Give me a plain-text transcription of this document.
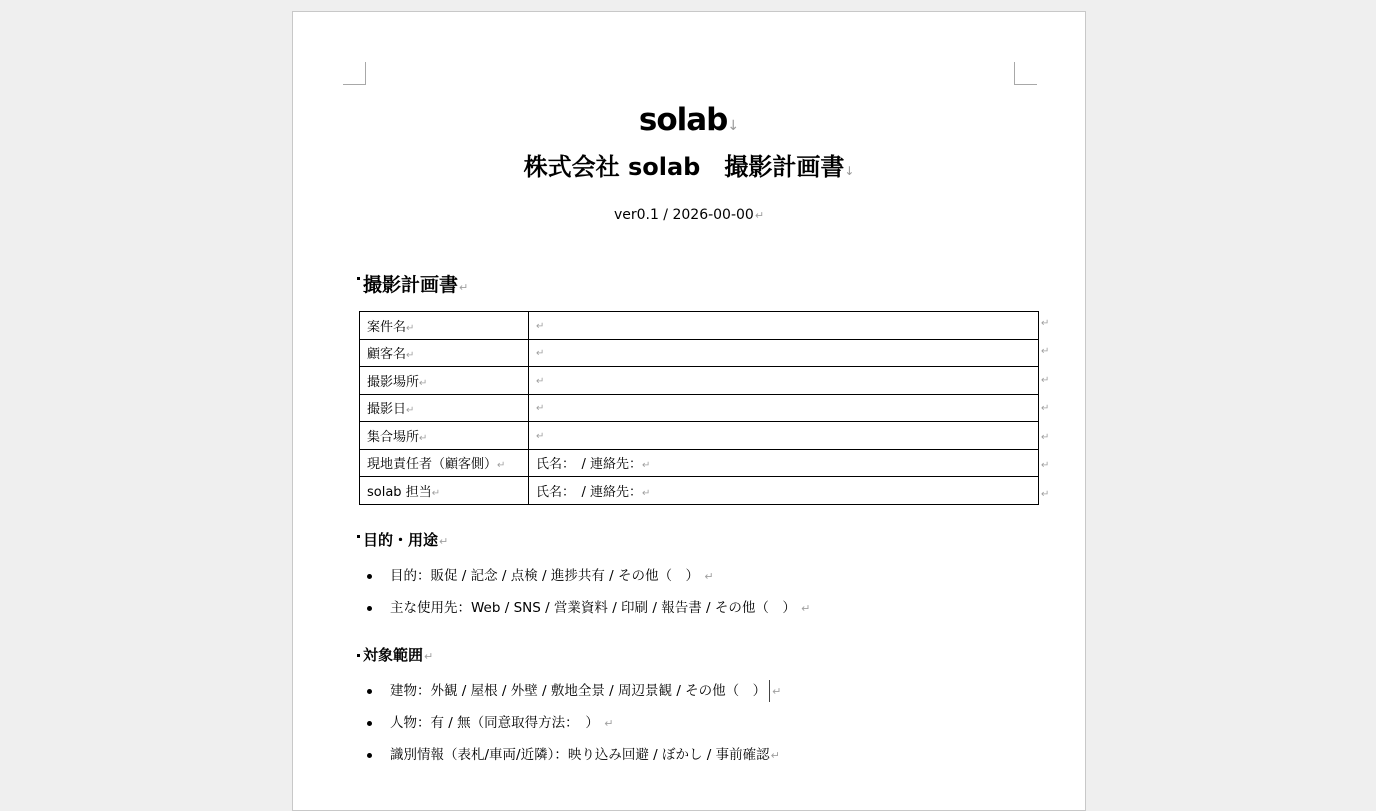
solab↓
株式会社 solab　撮影計画書↓
ver0.1 / 2026-00-00↵
撮影計画書↵
案件名↵	↵
顧客名↵	↵
撮影場所↵	↵
撮影日↵	↵
集合場所↵	↵
現地責任者（顧客側）↵	氏名：　/ 連絡先：↵
solab 担当↵	氏名：　/ 連絡先：↵
↵
↵
↵
↵
↵
↵
↵
目的・用途↵
目的：販促 / 記念 / 点検 / 進捗共有 / その他（　） ↵
主な使用先：Web / SNS / 営業資料 / 印刷 / 報告書 / その他（　） ↵
対象範囲↵
建物：外観 / 屋根 / 外壁 / 敷地全景 / 周辺景観 / その他（　） ↵
人物：有 / 無（同意取得方法：　） ↵
識別情報（表札/車両/近隣）：映り込み回避 / ぼかし / 事前確認↵
